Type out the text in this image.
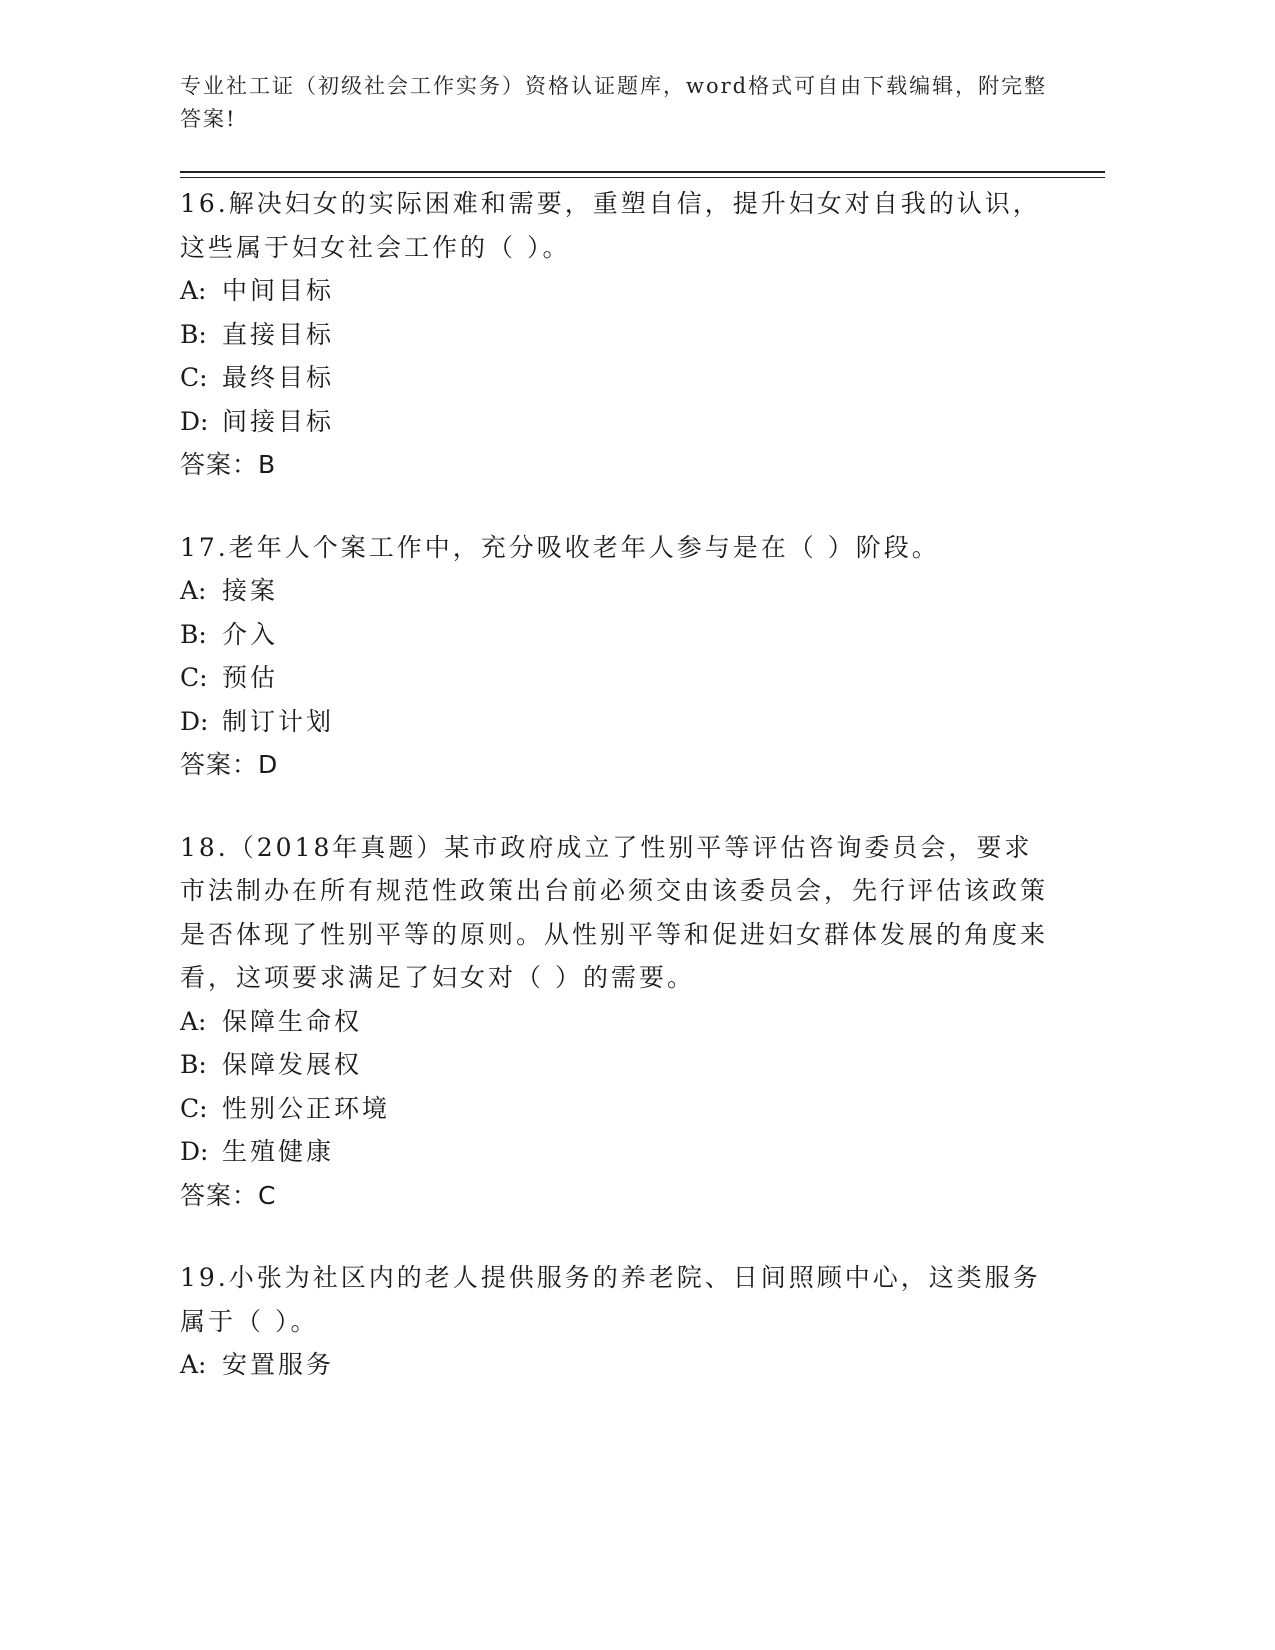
专业社工证（初级社会工作实务）资格认证题库，word格式可自由下载编辑，附完整答案!

16.解决妇女的实际困难和需要，重塑自信，提升妇女对自我的认识，这些属于妇女社会工作的（ ）。

A: 中间目标

B: 直接目标

C: 最终目标

D: 间接目标

答案：B

17.老年人个案工作中，充分吸收老年人参与是在（ ）阶段。

A: 接案

B: 介入

C: 预估

D: 制订计划

答案：D

18.（2018年真题）某市政府成立了性别平等评估咨询委员会，要求市法制办在所有规范性政策出台前必须交由该委员会，先行评估该政策是否体现了性别平等的原则。从性别平等和促进妇女群体发展的角度来看，这项要求满足了妇女对（ ）的需要。

A: 保障生命权

B: 保障发展权

C: 性别公正环境

D: 生殖健康

答案：C

19.小张为社区内的老人提供服务的养老院、日间照顾中心，这类服务属于（ ）。

A: 安置服务
